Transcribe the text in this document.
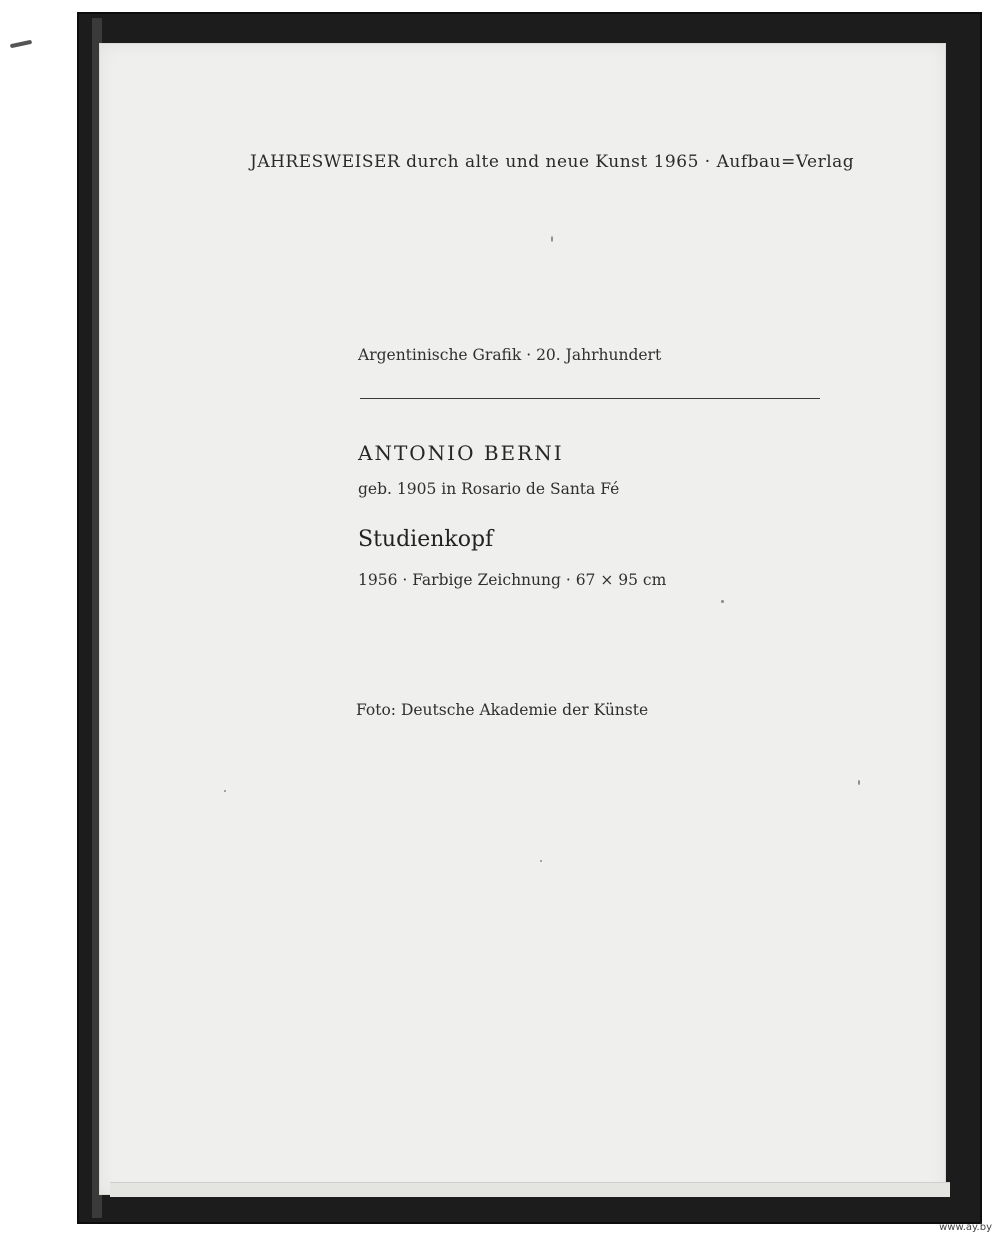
JAHRESWEISER durch alte und neue Kunst 1965 · Aufbau=Verlag
Argentinische Grafik · 20. Jahrhundert
ANTONIO BERNI
geb. 1905 in Rosario de Santa Fé
Studienkopf
1956 · Farbige Zeichnung · 67 × 95 cm
Foto: Deutsche Akademie der Künste
www.ay.by
